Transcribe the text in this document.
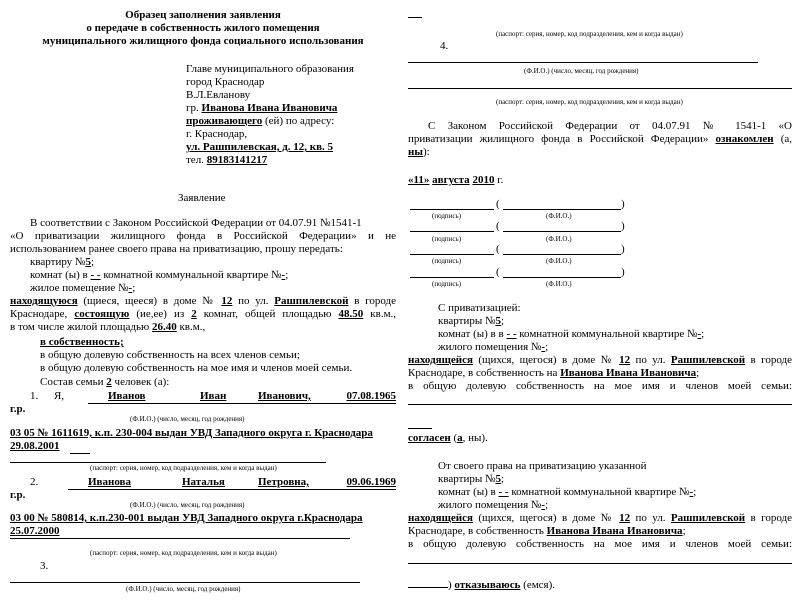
Образец заполнения заявления
о передаче в собственность жилого помещения
муниципального жилищного фонда социального использования
Главе муниципального образования
город Краснодар
В.Л.Евланову
гр. Иванова Ивана Ивановича
проживающего (ей) по адресу:
г. Краснодар,
ул. Рашпилевская, д. 12, кв. 5
тел. 89183141217
Заявление
В соответствии с Законом Российской Федерации от 04.07.91 №1541-1
«О приватизации жилищного фонда в Российской Федерации» и не
использованием ранее своего права на приватизацию, прошу передать:
квартиру №5;
комнат (ы) в - - комнатной коммунальной квартире №-;
жилое помещение №-;
находящуюся (щиеся, щееся) в доме № 12 по ул. Рашпилевской в городе
Краснодаре, состоящую (ие,ее) из 2 комнат, общей площадью 48.50 кв.м.,
в том числе жилой площадью 26.40 кв.м.,
в собственность;
в общую долевую собственность на всех членов семьи;
в общую долевую собственность на мое имя и членов моей семьи.
Состав семьи 2 человек (а):
1. Я,	Иванов	Иван	Иванович,	07.08.1965
г.р.
(Ф.И.О.) (число, месяц, год рождения)
03 05 № 1611619, к.п. 230-004 выдан УВД Западного округа г. Краснодара
29.08.2001
(паспорт: серия, номер, код подразделения, кем и когда выдан)
2.	Иванова	Наталья	Петровна,	09.06.1969
г.р.
(Ф.И.О.) (число, месяц, год рождения)
03 00 № 580814, к.п.230-001 выдан УВД Западного округа г.Краснодара
25.07.2000
(паспорт: серия, номер, код подразделения, кем и когда выдан)
3.
(Ф.И.О.) (число, месяц, год рождения)
(паспорт: серия, номер, код подразделения, кем и когда выдан)
4.
(Ф.И.О.) (число, месяц, год рождения)
(паспорт: серия, номер, код подразделения, кем и когда выдан)
С Законом Российской Федерации от 04.07.91 № 1541-1 «О
приватизации жилищного фонда в Российской Федерации» ознакомлен (а,
ны):
«11» августа 2010 г.
(	)
(подпись)	(Ф.И.О.)
(	)
(подпись)	(Ф.И.О.)
(	)
(подпись)	(Ф.И.О.)
(	)
(подпись)	(Ф.И.О.)
С приватизацией:
квартиры №5;
комнат (ы) в в - - комнатной коммунальной квартире №-;
жилого помещения №-;
находящейся (щихся, щегося) в доме № 12 по ул. Рашпилевской в городе
Краснодаре, в собственность на Иванова Ивана Ивановича;
в общую долевую собственность на мое имя и членов моей семьи:
согласен (а, ны).
От своего права на приватизацию указанной
квартиры №5;
комнат (ы) в - - комнатной коммунальной квартире №-;
жилого помещения №-;
находящейся (щихся, щегося) в доме № 12 по ул. Рашпилевской в городе
Краснодаре, в собственность Иванова Ивана Ивановича;
в общую долевую собственность на мое имя и членов моей семьи:
) отказываюсь (емся).
